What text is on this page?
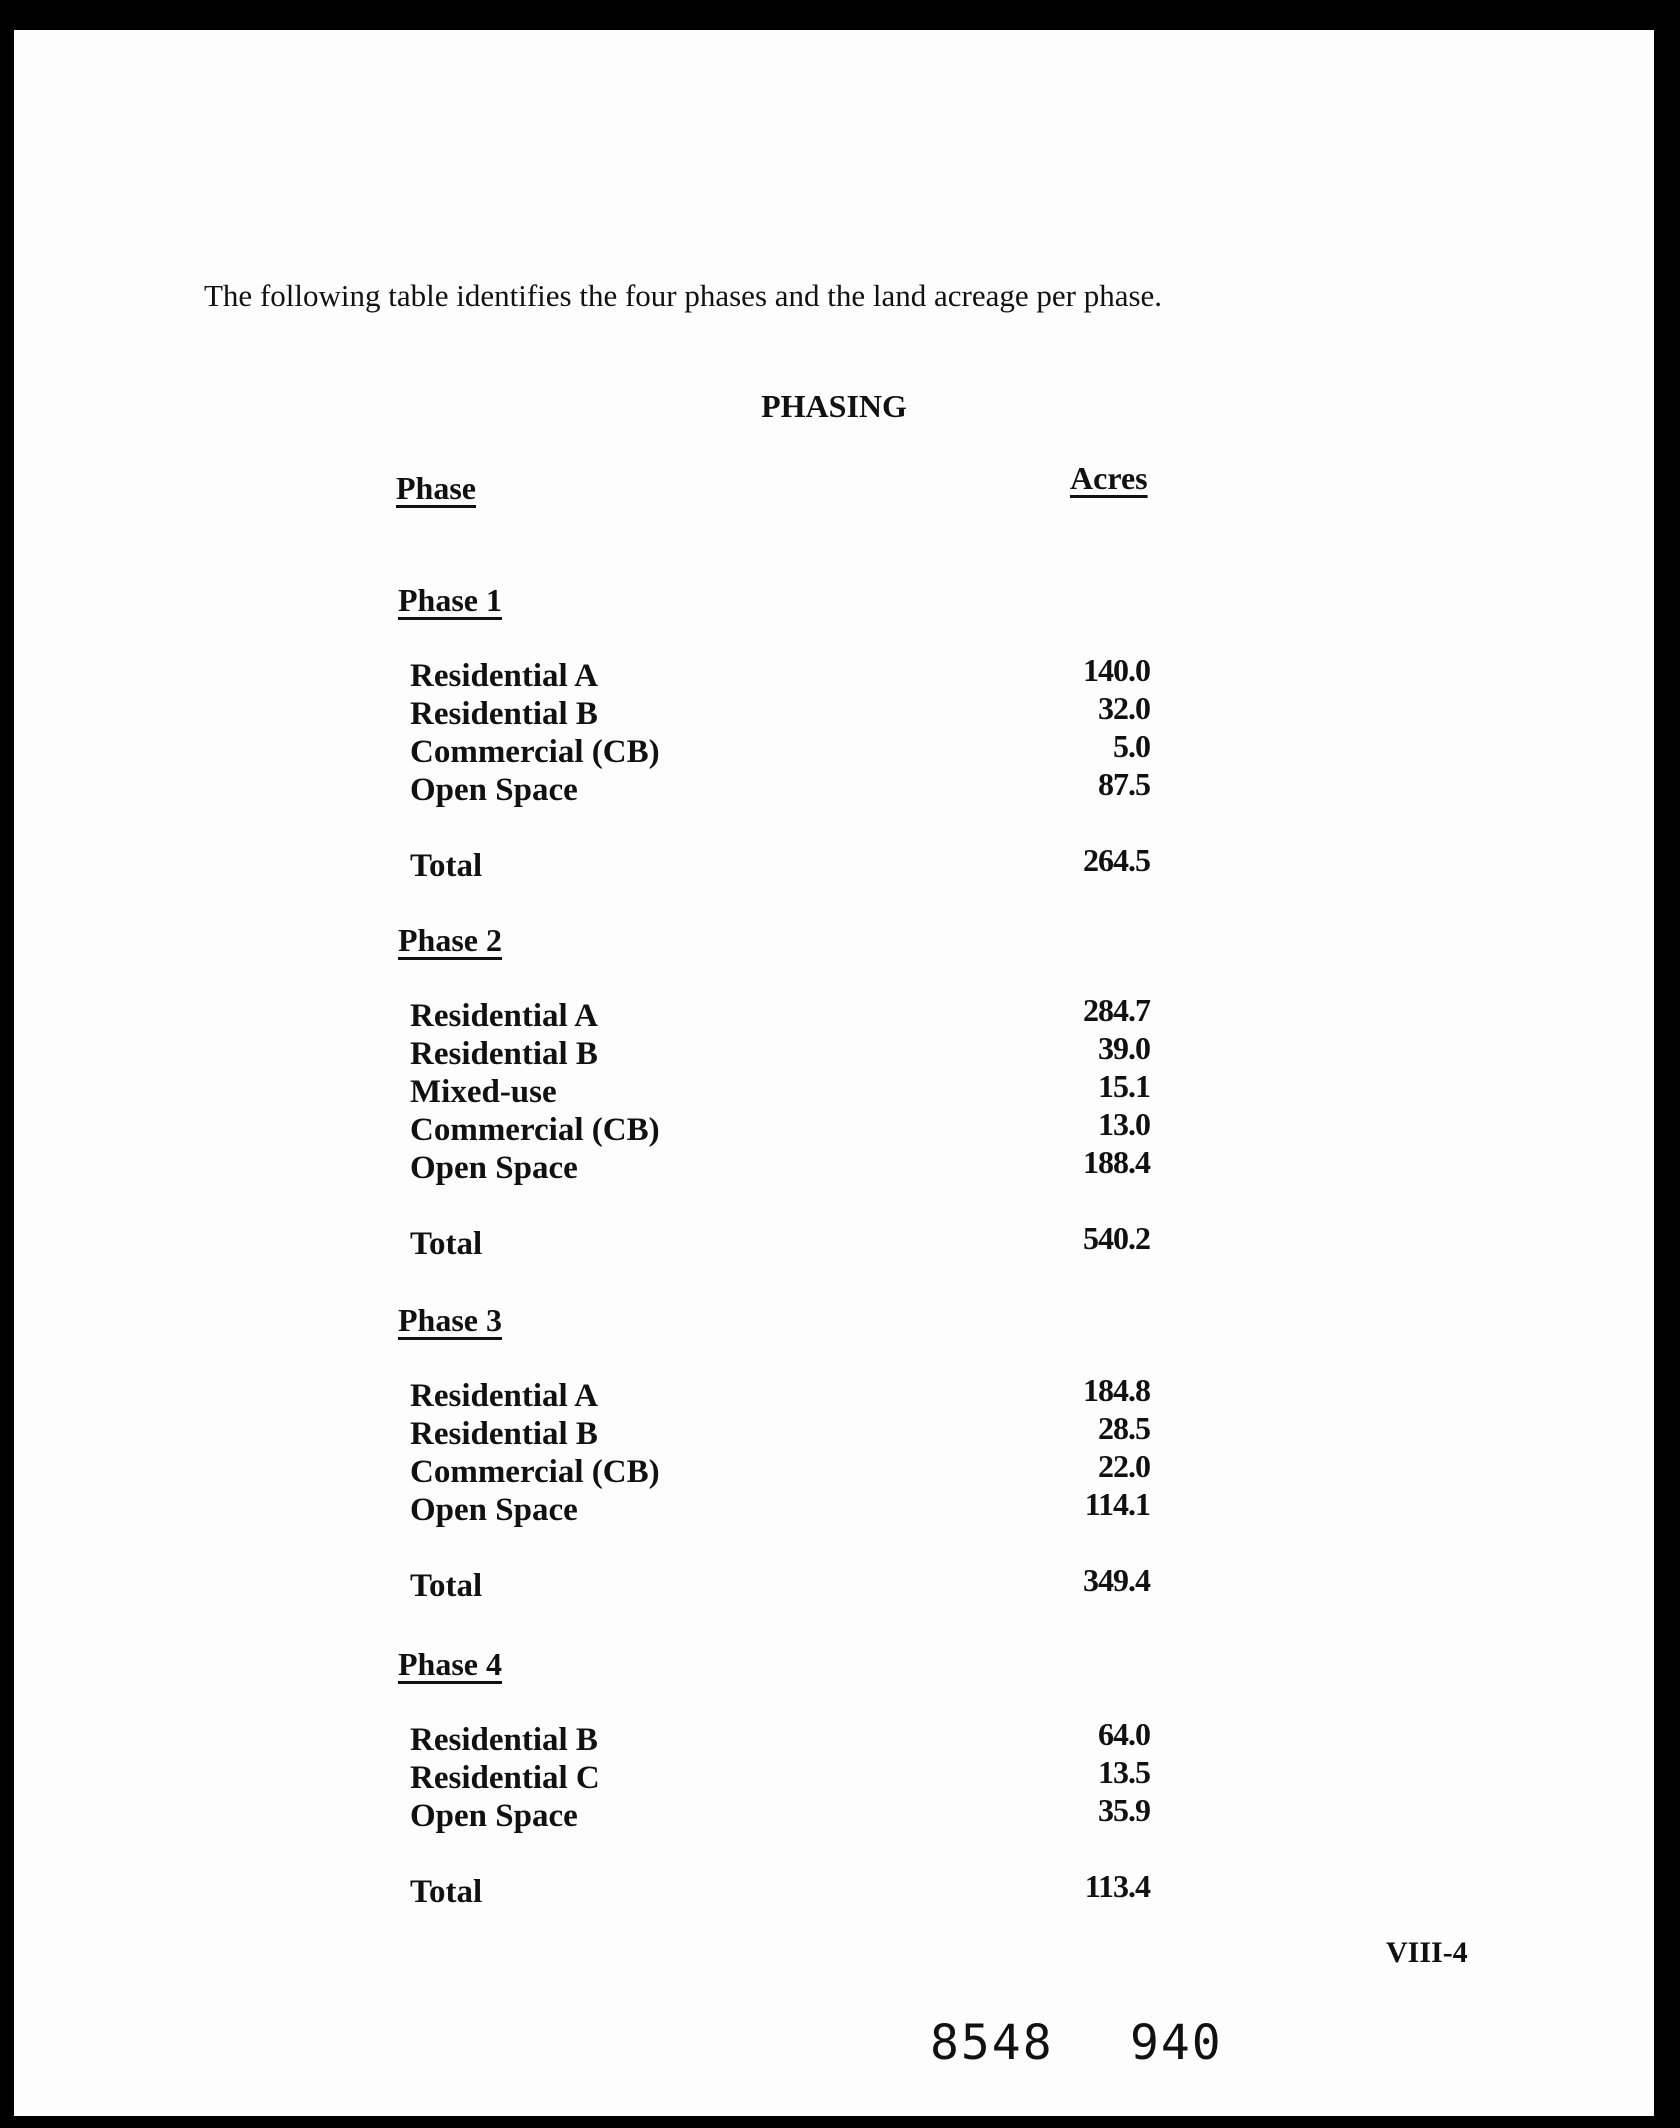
The following table identifies the four phases and the land acreage per phase.
PHASING
Phase	Acres
Phase 1
Residential A	140.0
Residential B	32.0
Commercial (CB)	5.0
Open Space	87.5
Total	264.5
Phase 2
Residential A	284.7
Residential B	39.0
Mixed-use	15.1
Commercial (CB)	13.0
Open Space	188.4
Total	540.2
Phase 3
Residential A	184.8
Residential B	28.5
Commercial (CB)	22.0
Open Space	114.1
Total	349.4
Phase 4
Residential B	64.0
Residential C	13.5
Open Space	35.9
Total	113.4
VIII-4
8548 940
